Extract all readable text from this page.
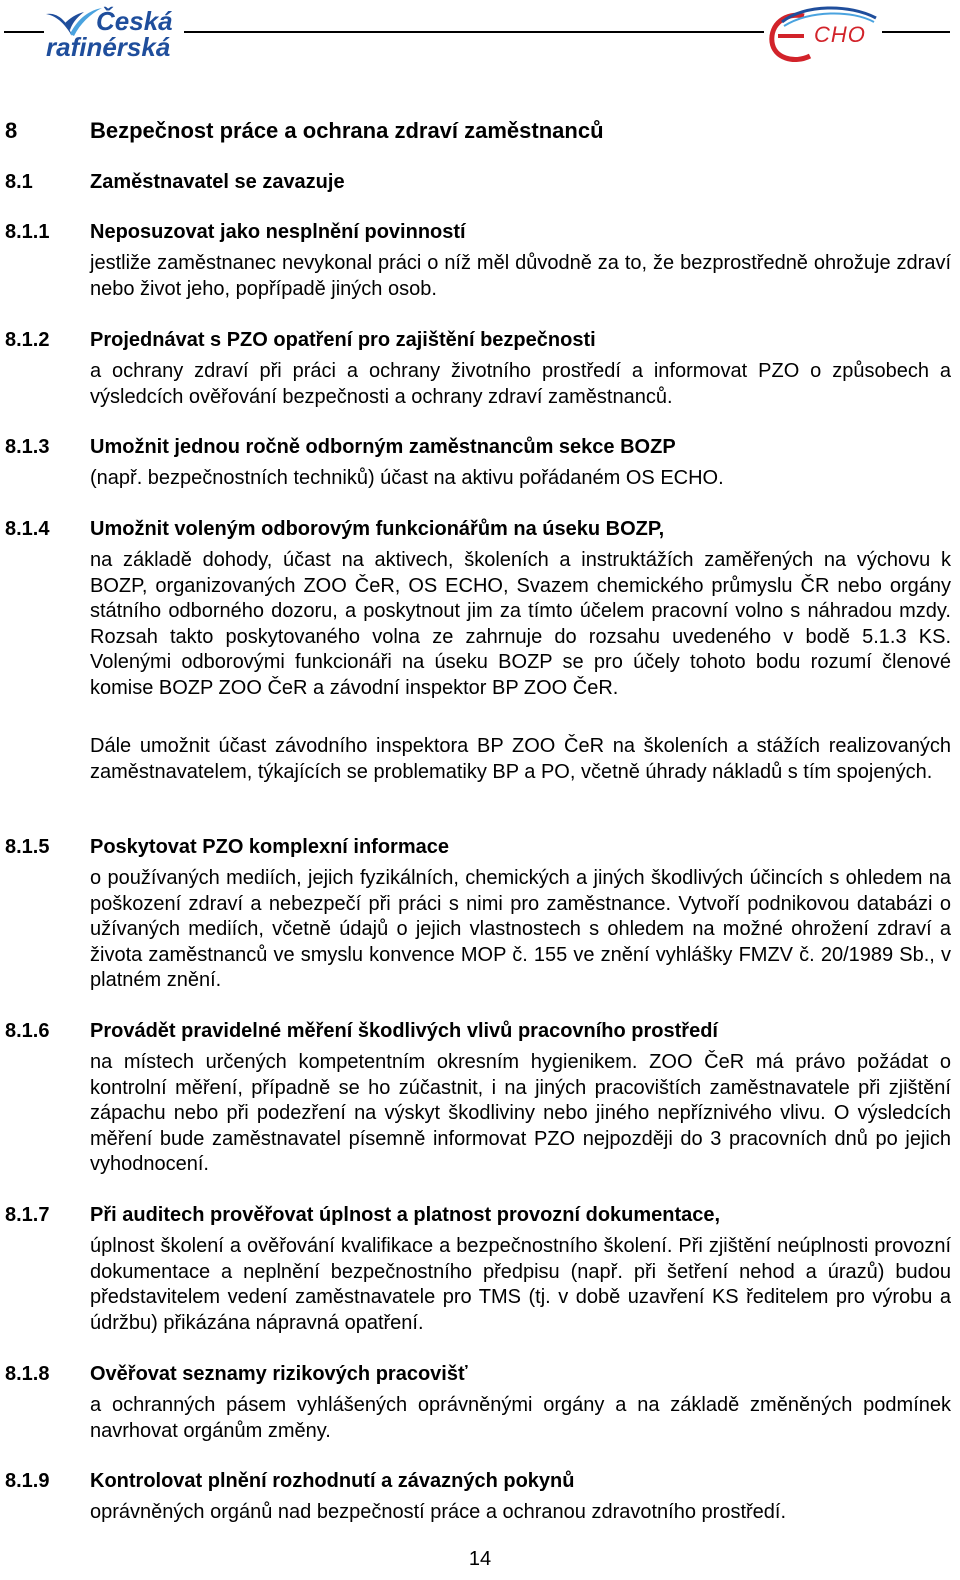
Česká
rafinérská	CHO
8	Bezpečnost práce a ochrana zdraví zaměstnanců
8.1	Zaměstnavatel se zavazuje
8.1.1 Neposuzovat jako nesplnění povinností
jestliže zaměstnanec nevykonal práci o níž měl důvodně za to, že bezprostředně ohrožuje zdraví nebo život jeho, popřípadě jiných osob.
8.1.2 Projednávat s PZO opatření pro zajištění bezpečnosti
a ochrany zdraví při práci a ochrany životního prostředí a informovat PZO o způsobech a výsledcích ověřování bezpečnosti a ochrany zdraví zaměstnanců.
8.1.3 Umožnit jednou ročně odborným zaměstnancům sekce BOZP
(např. bezpečnostních techniků) účast na aktivu pořádaném OS ECHO.
8.1.4 Umožnit voleným odborovým funkcionářům na úseku BOZP,
na základě dohody, účast na aktivech, školeních a instruktážích zaměřených na výchovu k BOZP, organizovaných ZOO ČeR, OS ECHO, Svazem chemického průmyslu ČR nebo orgány státního odborného dozoru, a poskytnout jim za tímto účelem pracovní volno s náhradou mzdy. Rozsah takto poskytovaného volna ze zahrnuje do rozsahu uvedeného v bodě 5.1.3 KS. Volenými odborovými funkcionáři na úseku BOZP se pro účely tohoto bodu rozumí členové komise BOZP ZOO ČeR a závodní inspektor BP ZOO ČeR.
Dále umožnit účast závodního inspektora BP ZOO ČeR na školeních a stážích realizovaných zaměstnavatelem, týkajících se problematiky BP a PO, včetně úhrady nákladů s tím spojených.
8.1.5 Poskytovat PZO komplexní informace
o používaných mediích, jejich fyzikálních, chemických a jiných škodlivých účincích s ohledem na poškození zdraví a nebezpečí při práci s nimi pro zaměstnance. Vytvoří podnikovou databázi o užívaných mediích, včetně údajů o jejich vlastnostech s ohledem na možné ohrožení zdraví a života zaměstnanců ve smyslu konvence MOP č. 155 ve znění vyhlášky FMZV č. 20/1989 Sb., v platném znění.
8.1.6 Provádět pravidelné měření škodlivých vlivů pracovního prostředí
na místech určených kompetentním okresním hygienikem. ZOO ČeR má právo požádat o kontrolní měření, případně se ho zúčastnit, i na jiných pracovištích zaměstnavatele při zjištění zápachu nebo při podezření na výskyt škodliviny nebo jiného nepříznivého vlivu. O výsledcích měření bude zaměstnavatel písemně informovat PZO nejpozději do 3 pracovních dnů po jejich vyhodnocení.
8.1.7 Při auditech prověřovat úplnost a platnost provozní dokumentace,
úplnost školení a ověřování kvalifikace a bezpečnostního školení. Při zjištění neúplnosti provozní dokumentace a neplnění bezpečnostního předpisu (např. při šetření nehod a úrazů) budou představitelem vedení zaměstnavatele pro TMS (tj. v době uzavření KS ředitelem pro výrobu a údržbu) přikázána nápravná opatření.
8.1.8 Ověřovat seznamy rizikových pracovišť
a ochranných pásem vyhlášených oprávněnými orgány a na základě změněných podmínek navrhovat orgánům změny.
8.1.9 Kontrolovat plnění rozhodnutí a závazných pokynů
oprávněných orgánů nad bezpečností práce a ochranou zdravotního prostředí.
14
